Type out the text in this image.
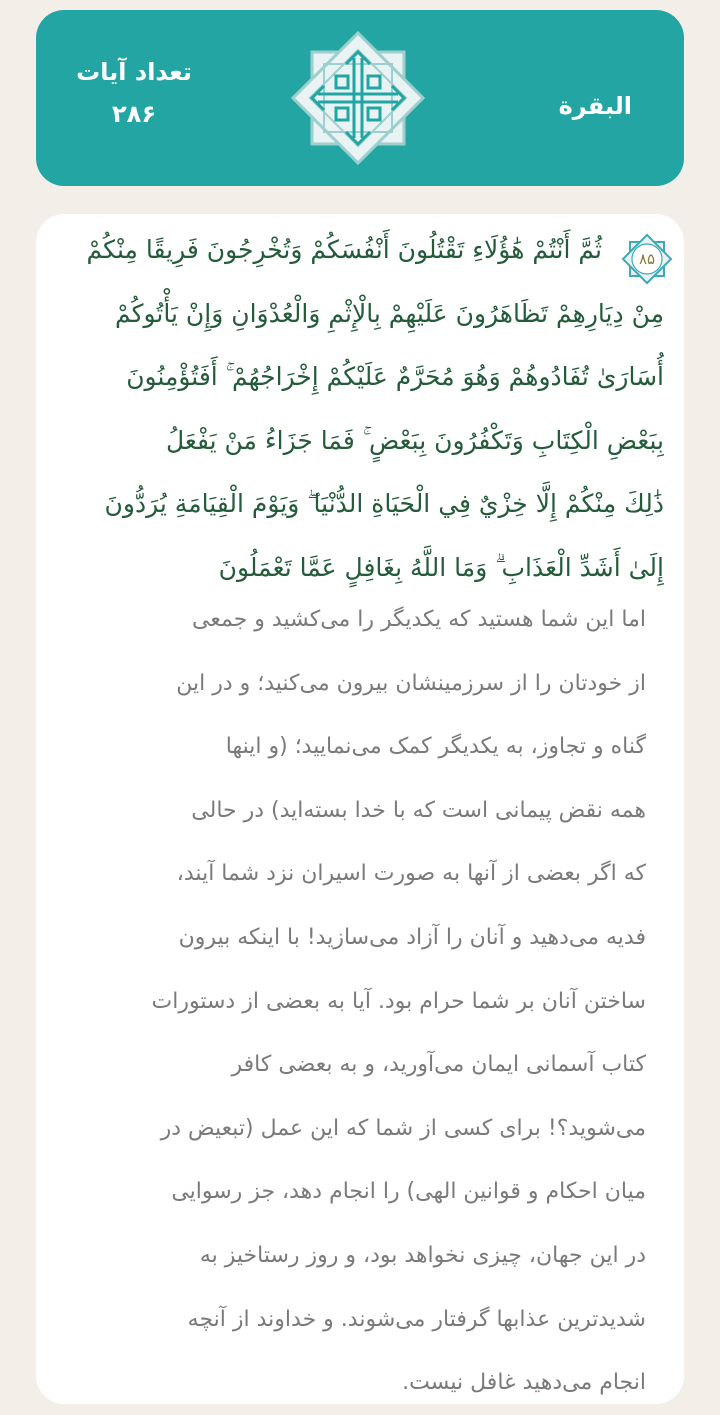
تعداد آیات
۲۸۶	البقرة
۸۵

ثُمَّ أَنْتُمْ هَٰؤُلَاءِ تَقْتُلُونَ أَنْفُسَكُمْ وَتُخْرِجُونَ فَرِيقًا مِنْكُمْ
مِنْ دِيَارِهِمْ تَظَاهَرُونَ عَلَيْهِمْ بِالْإِثْمِ وَالْعُدْوَانِ وَإِنْ يَأْتُوكُمْ
أُسَارَىٰ تُفَادُوهُمْ وَهُوَ مُحَرَّمٌ عَلَيْكُمْ إِخْرَاجُهُمْ ۚ أَفَتُؤْمِنُونَ
بِبَعْضِ الْكِتَابِ وَتَكْفُرُونَ بِبَعْضٍ ۚ فَمَا جَزَاءُ مَنْ يَفْعَلُ
ذَٰلِكَ مِنْكُمْ إِلَّا خِزْيٌ فِي الْحَيَاةِ الدُّنْيَا ۖ وَيَوْمَ الْقِيَامَةِ يُرَدُّونَ
إِلَىٰ أَشَدِّ الْعَذَابِ ۗ وَمَا اللَّهُ بِغَافِلٍ عَمَّا تَعْمَلُونَ

اما این شما هستید که یکدیگر را می‌کشید و جمعی
از خودتان را از سرزمینشان بیرون می‌کنید؛ و در این
گناه و تجاوز، به یکدیگر کمک می‌نمایید؛ (و اینها
همه نقض پیمانی است که با خدا بسته‌اید) در حالی
که اگر بعضی از آنها به صورت اسیران نزد شما آیند،
فدیه می‌دهید و آنان را آزاد می‌سازید! با اینکه بیرون
ساختن آنان بر شما حرام بود. آیا به بعضی از دستورات
کتاب آسمانی ایمان می‌آورید، و به بعضی کافر
می‌شوید؟! برای کسی از شما که این عمل (تبعیض در
میان احکام و قوانین الهی) را انجام دهد، جز رسوایی
در این جهان، چیزی نخواهد بود، و روز رستاخیز به
شدیدترین عذابها گرفتار می‌شوند. و خداوند از آنچه
انجام می‌دهید غافل نیست.
